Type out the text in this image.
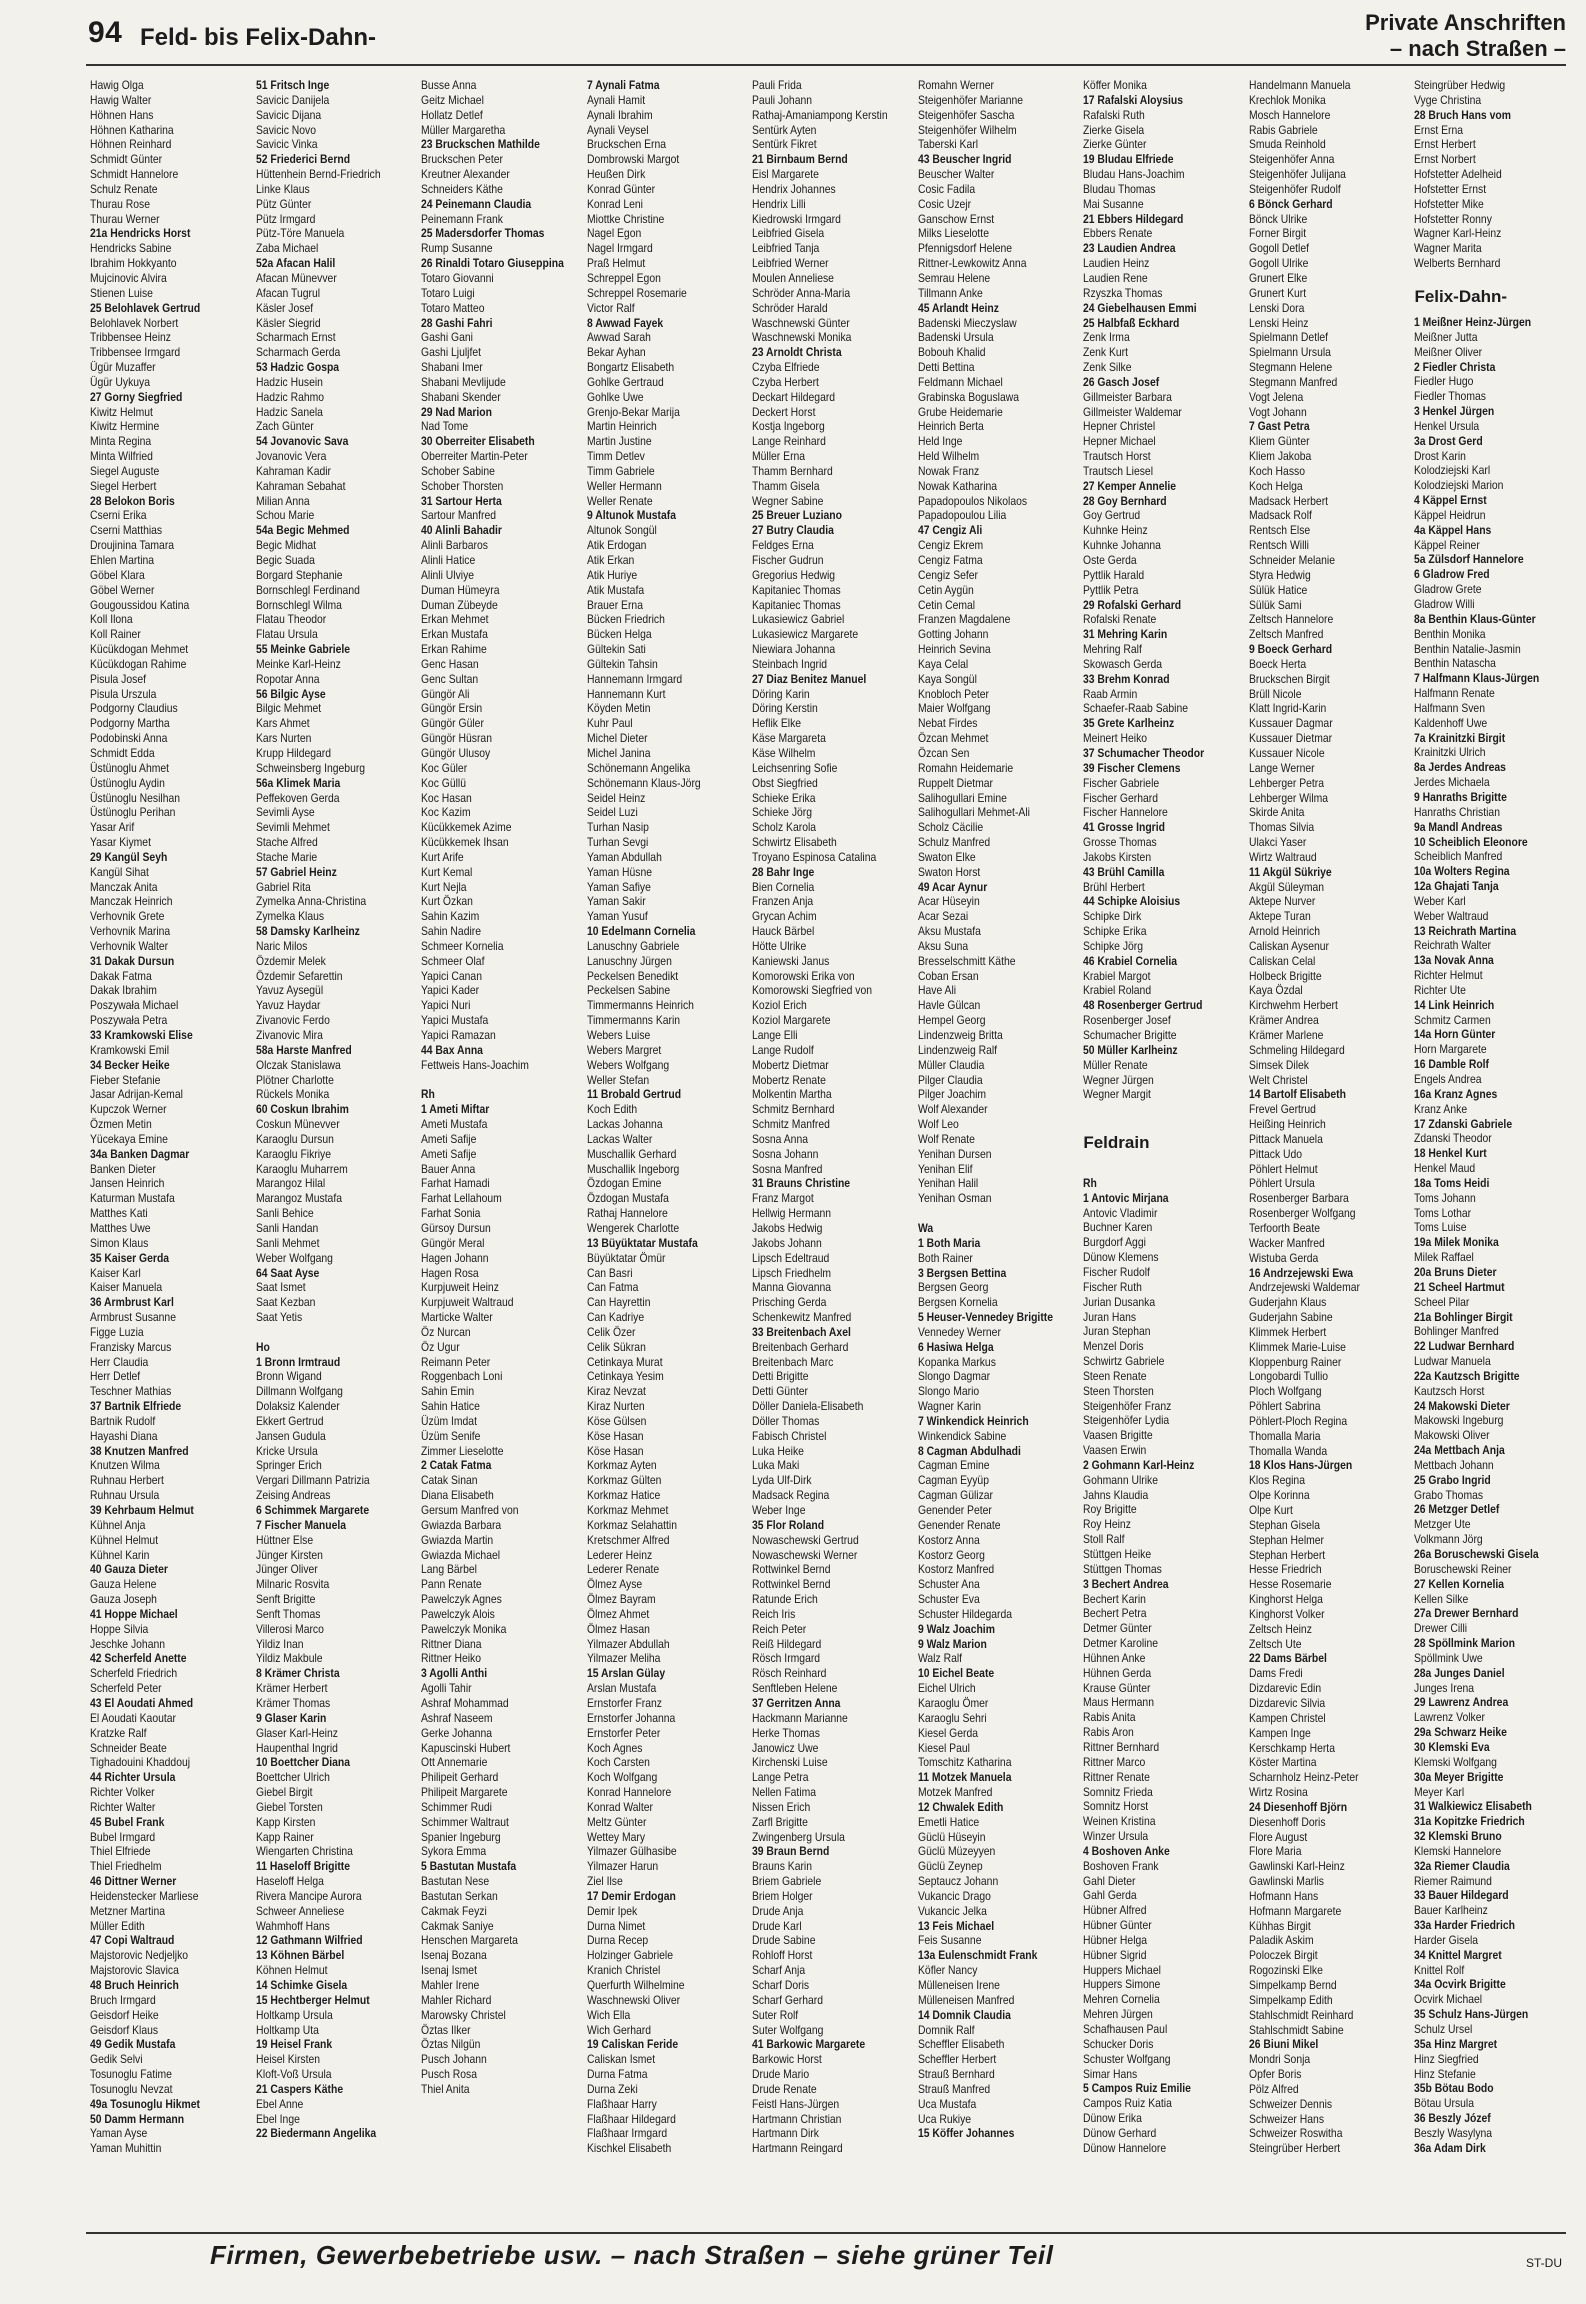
94 Feld- bis Felix-Dahn-
Private Anschriften
– nach Straßen –
Hawig Olga
Hawig Walter
Höhnen Hans
Höhnen Katharina
Höhnen Reinhard
Schmidt Günter
Schmidt Hannelore
Schulz Renate
Thurau Rose
Thurau Werner
21a Hendricks Horst
Hendricks Sabine
Ibrahim Hokkyanto
Mujcinovic Alvira
Stienen Luise
25 Belohlavek Gertrud
Belohlavek Norbert
Tribbensee Heinz
Tribbensee Irmgard
Ügür Muzaffer
Ügür Uykuya
27 Gorny Siegfried
Kiwitz Helmut
Kiwitz Hermine
Minta Regina
Minta Wilfried
Siegel Auguste
Siegel Herbert
28 Belokon Boris
Cserni Erika
Cserni Matthias
Droujinina Tamara
Ehlen Martina
Göbel Klara
Göbel Werner
Gougoussidou Katina
Koll Ilona
Koll Rainer
Kücükdogan Mehmet
Kücükdogan Rahime
Pisula Josef
Pisula Urszula
Podgorny Claudius
Podgorny Martha
Podobinski Anna
Schmidt Edda
Üstünoglu Ahmet
Üstünoglu Aydin
Üstünoglu Nesilhan
Üstünoglu Perihan
Yasar Arif
Yasar Kiymet
29 Kangül Seyh
Kangül Sihat
Manczak Anita
Manczak Heinrich
Verhovnik Grete
Verhovnik Marina
Verhovnik Walter
31 Dakak Dursun
Dakak Fatma
Dakak Ibrahim
Poszywała Michael
Poszywała Petra
33 Kramkowski Elise
Kramkowski Emil
34 Becker Heike
Fieber Stefanie
Jasar Adrijan-Kemal
Kupczok Werner
Özmen Metin
Yücekaya Emine
34a Banken Dagmar
Banken Dieter
Jansen Heinrich
Katurman Mustafa
Matthes Kati
Matthes Uwe
Simon Klaus
35 Kaiser Gerda
Kaiser Karl
Kaiser Manuela
36 Armbrust Karl
Armbrust Susanne
Figge Luzia
Franzisky Marcus
Herr Claudia
Herr Detlef
Teschner Mathias
37 Bartnik Elfriede
Bartnik Rudolf
Hayashi Diana
38 Knutzen Manfred
Knutzen Wilma
Ruhnau Herbert
Ruhnau Ursula
39 Kehrbaum Helmut
Kühnel Anja
Kühnel Helmut
Kühnel Karin
40 Gauza Dieter
Gauza Helene
Gauza Joseph
41 Hoppe Michael
Hoppe Silvia
Jeschke Johann
42 Scherfeld Anette
Scherfeld Friedrich
Scherfeld Peter
43 El Aoudati Ahmed
El Aoudati Kaoutar
Kratzke Ralf
Schneider Beate
Tighadouini Khaddouj
44 Richter Ursula
Richter Volker
Richter Walter
45 Bubel Frank
Bubel Irmgard
Thiel Elfriede
Thiel Friedhelm
46 Dittner Werner
Heidenstecker Marliese
Metzner Martina
Müller Edith
47 Copi Waltraud
Majstorovic Nedjeljko
Majstorovic Slavica
48 Bruch Heinrich
Bruch Irmgard
Geisdorf Heike
Geisdorf Klaus
49 Gedik Mustafa
Gedik Selvi
Tosunoglu Fatime
Tosunoglu Nevzat
49a Tosunoglu Hikmet
50 Damm Hermann
Yaman Ayse
Yaman Muhittin
51 Fritsch Inge
Savicic Danijela
Savicic Dijana
Savicic Novo
Savicic Vinka
52 Friederici Bernd
Hüttenhein Bernd-Friedrich
Linke Klaus
Pütz Günter
Pütz Irmgard
Pütz-Töre Manuela
Zaba Michael
52a Afacan Halil
Afacan Münevver
Afacan Tugrul
Käsler Josef
Käsler Siegrid
Scharmach Ernst
Scharmach Gerda
53 Hadzic Gospa
Hadzic Husein
Hadzic Rahmo
Hadzic Sanela
Zach Günter
54 Jovanovic Sava
Jovanovic Vera
Kahraman Kadir
Kahraman Sebahat
Milian Anna
Schou Marie
54a Begic Mehmed
Begic Midhat
Begic Suada
Borgard Stephanie
Bornschlegl Ferdinand
Bornschlegl Wilma
Flatau Theodor
Flatau Ursula
55 Meinke Gabriele
Meinke Karl-Heinz
Ropotar Anna
56 Bilgic Ayse
Bilgic Mehmet
Kars Ahmet
Kars Nurten
Krupp Hildegard
Schweinsberg Ingeburg
56a Klimek Maria
Peffekoven Gerda
Sevimli Ayse
Sevimli Mehmet
Stache Alfred
Stache Marie
57 Gabriel Heinz
Gabriel Rita
Zymelka Anna-Christina
Zymelka Klaus
58 Damsky Karlheinz
Naric Milos
Özdemir Melek
Özdemir Sefarettin
Yavuz Aysegül
Yavuz Haydar
Zivanovic Ferdo
Zivanovic Mira
58a Harste Manfred
Olczak Stanislawa
Plötner Charlotte
Rückels Monika
60 Coskun Ibrahim
Coskun Münevver
Karaoglu Dursun
Karaoglu Fikriye
Karaoglu Muharrem
Marangoz Hilal
Marangoz Mustafa
Sanli Behice
Sanli Handan
Sanli Mehmet
Weber Wolfgang
64 Saat Ayse
Saat Ismet
Saat Kezban
Saat Yetis

Ho
1 Bronn Irmtraud
Bronn Wigand
Dillmann Wolfgang
Dolaksiz Kalender
Ekkert Gertrud
Jansen Gudula
Kricke Ursula
Springer Erich
Vergari Dillmann Patrizia
Zeising Andreas
6 Schimmek Margarete
7 Fischer Manuela
Hüttner Else
Jünger Kirsten
Jünger Oliver
Milnaric Rosvita
Senft Brigitte
Senft Thomas
Villerosi Marco
Yildiz Inan
Yildiz Makbule
8 Krämer Christa
Krämer Herbert
Krämer Thomas
9 Glaser Karin
Glaser Karl-Heinz
Haupenthal Ingrid
10 Boettcher Diana
Boettcher Ulrich
Giebel Birgit
Giebel Torsten
Kapp Kirsten
Kapp Rainer
Wiengarten Christina
11 Haseloff Brigitte
Haseloff Helga
Rivera Mancipe Aurora
Schweer Anneliese
Wahmhoff Hans
12 Gathmann Wilfried
13 Köhnen Bärbel
Köhnen Helmut
14 Schimke Gisela
15 Hechtberger Helmut
Holtkamp Ursula
Holtkamp Uta
19 Heisel Frank
Heisel Kirsten
Kloft-Voß Ursula
21 Caspers Käthe
Ebel Anne
Ebel Inge
22 Biedermann Angelika
Busse Anna
Geitz Michael
Hollatz Detlef
Müller Margaretha
23 Bruckschen Mathilde
Bruckschen Peter
Kreutner Alexander
Schneiders Käthe
24 Peinemann Claudia
Peinemann Frank
25 Madersdorfer Thomas
Rump Susanne
26 Rinaldi Totaro Giuseppina
Totaro Giovanni
Totaro Luigi
Totaro Matteo
28 Gashi Fahri
Gashi Gani
Gashi Ljuljfet
Shabani Imer
Shabani Mevlijude
Shabani Skender
29 Nad Marion
Nad Tome
30 Oberreiter Elisabeth
Oberreiter Martin-Peter
Schober Sabine
Schober Thorsten
31 Sartour Herta
Sartour Manfred
40 Alinli Bahadir
Alinli Barbaros
Alinli Hatice
Alinli Ulviye
Duman Hümeyra
Duman Zübeyde
Erkan Mehmet
Erkan Mustafa
Erkan Rahime
Genc Hasan
Genc Sultan
Güngör Ali
Güngör Ersin
Güngör Güler
Güngör Hüsran
Güngör Ulusoy
Koc Güler
Koc Güllü
Koc Hasan
Koc Kazim
Kücükkemek Azime
Kücükkemek Ihsan
Kurt Arife
Kurt Kemal
Kurt Nejla
Kurt Özkan
Sahin Kazim
Sahin Nadire
Schmeer Kornelia
Schmeer Olaf
Yapici Canan
Yapici Kader
Yapici Nuri
Yapici Mustafa
Yapici Ramazan
44 Bax Anna
Fettweis Hans-Joachim

Rh
1 Ameti Miftar
Ameti Mustafa
Ameti Safije
Ameti Safije
Bauer Anna
Farhat Hamadi
Farhat Lellahoum
Farhat Sonia
Gürsoy Dursun
Güngör Meral
Hagen Johann
Hagen Rosa
Kurpjuweit Heinz
Kurpjuweit Waltraud
Marticke Walter
Öz Nurcan
Öz Ugur
Reimann Peter
Roggenbach Loni
Sahin Emin
Sahin Hatice
Üzüm Imdat
Üzüm Senife
Zimmer Lieselotte
2 Catak Fatma
Catak Sinan
Diana Elisabeth
Gersum Manfred von
Gwiazda Barbara
Gwiazda Martin
Gwiazda Michael
Lang Bärbel
Pann Renate
Pawelczyk Agnes
Pawelczyk Alois
Pawelczyk Monika
Rittner Diana
Rittner Heiko
3 Agolli Anthi
Agolli Tahir
Ashraf Mohammad
Ashraf Naseem
Gerke Johanna
Kapuscinski Hubert
Ott Annemarie
Philipeit Gerhard
Philipeit Margarete
Schimmer Rudi
Schimmer Waltraut
Spanier Ingeburg
Sykora Emma
5 Bastutan Mustafa
Bastutan Nese
Bastutan Serkan
Cakmak Feyzi
Cakmak Saniye
Henschen Margareta
Isenaj Bozana
Isenaj Ismet
Mahler Irene
Mahler Richard
Marowsky Christel
Öztas Ilker
Öztas Nilgün
Pusch Johann
Pusch Rosa
Thiel Anita
7 Aynali Fatma
Aynali Hamit
Aynali Ibrahim
Aynali Veysel
Bruckschen Erna
Dombrowski Margot
Heußen Dirk
Konrad Günter
Konrad Leni
Miottke Christine
Nagel Egon
Nagel Irmgard
Praß Helmut
Schreppel Egon
Schreppel Rosemarie
Victor Ralf
8 Awwad Fayek
Awwad Sarah
Bekar Ayhan
Bongartz Elisabeth
Gohlke Gertraud
Gohlke Uwe
Grenjo-Bekar Marija
Martin Heinrich
Martin Justine
Timm Detlev
Timm Gabriele
Weller Hermann
Weller Renate
9 Altunok Mustafa
Altunok Songül
Atik Erdogan
Atik Erkan
Atik Huriye
Atik Mustafa
Brauer Erna
Bücken Friedrich
Bücken Helga
Gültekin Sati
Gültekin Tahsin
Hannemann Irmgard
Hannemann Kurt
Köyden Metin
Kuhr Paul
Michel Dieter
Michel Janina
Schönemann Angelika
Schönemann Klaus-Jörg
Seidel Heinz
Seidel Luzi
Turhan Nasip
Turhan Sevgi
Yaman Abdullah
Yaman Hüsne
Yaman Safiye
Yaman Sakir
Yaman Yusuf
10 Edelmann Cornelia
Lanuschny Gabriele
Lanuschny Jürgen
Peckelsen Benedikt
Peckelsen Sabine
Timmermanns Heinrich
Timmermanns Karin
Webers Luise
Webers Margret
Webers Wolfgang
Weller Stefan
11 Brobald Gertrud
Koch Edith
Lackas Johanna
Lackas Walter
Muschallik Gerhard
Muschallik Ingeborg
Özdogan Emine
Özdogan Mustafa
Rathaj Hannelore
Wengerek Charlotte
13 Büyüktatar Mustafa
Büyüktatar Ömür
Can Basri
Can Fatma
Can Hayrettin
Can Kadriye
Celik Özer
Celik Sükran
Cetinkaya Murat
Cetinkaya Yesim
Kiraz Nevzat
Kiraz Nurten
Köse Gülsen
Köse Hasan
Köse Hasan
Korkmaz Ayten
Korkmaz Gülten
Korkmaz Hatice
Korkmaz Mehmet
Korkmaz Selahattin
Kretschmer Alfred
Lederer Heinz
Lederer Renate
Ölmez Ayse
Ölmez Bayram
Ölmez Ahmet
Ölmez Hasan
Yilmazer Abdullah
Yilmazer Meliha
15 Arslan Gülay
Arslan Mustafa
Ernstorfer Franz
Ernstorfer Johanna
Ernstorfer Peter
Koch Agnes
Koch Carsten
Koch Wolfgang
Konrad Hannelore
Konrad Walter
Meltz Günter
Wettey Mary
Yilmazer Gülhasibe
Yilmazer Harun
Ziel Ilse
17 Demir Erdogan
Demir Ipek
Durna Nimet
Durna Recep
Holzinger Gabriele
Kranich Christel
Querfurth Wilhelmine
Waschnewski Oliver
Wich Ella
Wich Gerhard
19 Caliskan Feride
Caliskan Ismet
Durna Fatma
Durna Zeki
Flaßhaar Harry
Flaßhaar Hildegard
Flaßhaar Irmgard
Kischkel Elisabeth
Pauli Frida
Pauli Johann
Rathaj-Amaniampong Kerstin
Sentürk Ayten
Sentürk Fikret
21 Birnbaum Bernd
Eisl Margarete
Hendrix Johannes
Hendrix Lilli
Kiedrowski Irmgard
Leibfried Gisela
Leibfried Tanja
Leibfried Werner
Moulen Anneliese
Schröder Anna-Maria
Schröder Harald
Waschnewski Günter
Waschnewski Monika
23 Arnoldt Christa
Czyba Elfriede
Czyba Herbert
Deckart Hildegard
Deckert Horst
Kostja Ingeborg
Lange Reinhard
Müller Erna
Thamm Bernhard
Thamm Gisela
Wegner Sabine
25 Breuer Luziano
27 Butry Claudia
Feldges Erna
Fischer Gudrun
Gregorius Hedwig
Kapitaniec Thomas
Kapitaniec Thomas
Lukasiewicz Gabriel
Lukasiewicz Margarete
Niewiara Johanna
Steinbach Ingrid
27 Diaz Benitez Manuel
Döring Karin
Döring Kerstin
Heflik Elke
Käse Margareta
Käse Wilhelm
Leichsenring Sofie
Obst Siegfried
Schieke Erika
Schieke Jörg
Scholz Karola
Schwirtz Elisabeth
Troyano Espinosa Catalina
28 Bahr Inge
Bien Cornelia
Franzen Anja
Grycan Achim
Hauck Bärbel
Hötte Ulrike
Kaniewski Janus
Komorowski Erika von
Komorowski Siegfried von
Koziol Erich
Koziol Margarete
Lange Elli
Lange Rudolf
Mobertz Dietmar
Mobertz Renate
Molkentin Martha
Schmitz Bernhard
Schmitz Manfred
Sosna Anna
Sosna Johann
Sosna Manfred
31 Brauns Christine
Franz Margot
Hellwig Hermann
Jakobs Hedwig
Jakobs Johann
Lipsch Edeltraud
Lipsch Friedhelm
Manna Giovanna
Prisching Gerda
Schenkewitz Manfred
33 Breitenbach Axel
Breitenbach Gerhard
Breitenbach Marc
Detti Brigitte
Detti Günter
Döller Daniela-Elisabeth
Döller Thomas
Fabisch Christel
Luka Heike
Luka Maki
Lyda Ulf-Dirk
Madsack Regina
Weber Inge
35 Flor Roland
Nowaschewski Gertrud
Nowaschewski Werner
Rottwinkel Bernd
Rottwinkel Bernd
Ratunde Erich
Reich Iris
Reich Peter
Reiß Hildegard
Rösch Irmgard
Rösch Reinhard
Senftleben Helene
37 Gerritzen Anna
Hackmann Marianne
Herke Thomas
Janowicz Uwe
Kirchenski Luise
Lange Petra
Nellen Fatima
Nissen Erich
Zarfl Brigitte
Zwingenberg Ursula
39 Braun Bernd
Brauns Karin
Briem Gabriele
Briem Holger
Drude Anja
Drude Karl
Drude Sabine
Rohloff Horst
Scharf Anja
Scharf Doris
Scharf Gerhard
Suter Rolf
Suter Wolfgang
41 Barkowic Margarete
Barkowic Horst
Drude Mario
Drude Renate
Feistl Hans-Jürgen
Hartmann Christian
Hartmann Dirk
Hartmann Reingard
Romahn Werner
Steigenhöfer Marianne
Steigenhöfer Sascha
Steigenhöfer Wilhelm
Taberski Karl
43 Beuscher Ingrid
Beuscher Walter
Cosic Fadila
Cosic Uzejr
Ganschow Ernst
Milks Lieselotte
Pfennigsdorf Helene
Rittner-Lewkowitz Anna
Semrau Helene
Tillmann Anke
45 Arlandt Heinz
Badenski Mieczyslaw
Badenski Ursula
Bobouh Khalid
Detti Bettina
Feldmann Michael
Grabinska Boguslawa
Grube Heidemarie
Heinrich Berta
Held Inge
Held Wilhelm
Nowak Franz
Nowak Katharina
Papadopoulos Nikolaos
Papadopoulou Lilia
47 Cengiz Ali
Cengiz Ekrem
Cengiz Fatma
Cengiz Sefer
Cetin Aygün
Cetin Cemal
Franzen Magdalene
Gotting Johann
Heinrich Sevina
Kaya Celal
Kaya Songül
Knobloch Peter
Maier Wolfgang
Nebat Firdes
Özcan Mehmet
Özcan Sen
Romahn Heidemarie
Ruppelt Dietmar
Salihogullari Emine
Salihogullari Mehmet-Ali
Scholz Cäcilie
Schulz Manfred
Swaton Elke
Swaton Horst
49 Acar Aynur
Acar Hüseyin
Acar Sezai
Aksu Mustafa
Aksu Suna
Bresselschmitt Käthe
Coban Ersan
Have Ali
Havle Gülcan
Hempel Georg
Lindenzweig Britta
Lindenzweig Ralf
Müller Claudia
Pilger Claudia
Pilger Joachim
Wolf Alexander
Wolf Leo
Wolf Renate
Yenihan Dursen
Yenihan Elif
Yenihan Halil
Yenihan Osman

Wa
1 Both Maria
Both Rainer
3 Bergsen Bettina
Bergsen Georg
Bergsen Kornelia
5 Heuser-Vennedey Brigitte
Vennedey Werner
6 Hasiwa Helga
Kopanka Markus
Slongo Dagmar
Slongo Mario
Wagner Karin
7 Winkendick Heinrich
Winkendick Sabine
8 Cagman Abdulhadi
Cagman Emine
Cagman Eyyüp
Cagman Gülizar
Genender Peter
Genender Renate
Kostorz Anna
Kostorz Georg
Kostorz Manfred
Schuster Ana
Schuster Eva
Schuster Hildegarda
9 Walz Joachim
9 Walz Marion
Walz Ralf
10 Eichel Beate
Eichel Ulrich
Karaoglu Ömer
Karaoglu Sehri
Kiesel Gerda
Kiesel Paul
Tomschitz Katharina
11 Motzek Manuela
Motzek Manfred
12 Chwalek Edith
Emetli Hatice
Güclü Hüseyin
Güclü Müzeyyen
Güclü Zeynep
Septaucz Johann
Vukancic Drago
Vukancic Jelka
13 Feis Michael
Feis Susanne
13a Eulenschmidt Frank
Köfler Nancy
Mülleneisen Irene
Mülleneisen Manfred
14 Domnik Claudia
Domnik Ralf
Scheffler Elisabeth
Scheffler Herbert
Strauß Bernhard
Strauß Manfred
Uca Mustafa
Uca Rukiye
15 Köffer Johannes
Köffer Monika
17 Rafalski Aloysius
Rafalski Ruth
Zierke Gisela
Zierke Günter
19 Bludau Elfriede
Bludau Hans-Joachim
Bludau Thomas
Mai Susanne
21 Ebbers Hildegard
Ebbers Renate
23 Laudien Andrea
Laudien Heinz
Laudien Rene
Rzyszka Thomas
24 Giebelhausen Emmi
25 Halbfaß Eckhard
Zenk Irma
Zenk Kurt
Zenk Silke
26 Gasch Josef
Gillmeister Barbara
Gillmeister Waldemar
Hepner Christel
Hepner Michael
Trautsch Horst
Trautsch Liesel
27 Kemper Annelie
28 Goy Bernhard
Goy Gertrud
Kuhnke Heinz
Kuhnke Johanna
Oste Gerda
Pyttlik Harald
Pyttlik Petra
29 Rofalski Gerhard
Rofalski Renate
31 Mehring Karin
Mehring Ralf
Skowasch Gerda
33 Brehm Konrad
Raab Armin
Schaefer-Raab Sabine
35 Grete Karlheinz
Meinert Heiko
37 Schumacher Theodor
39 Fischer Clemens
Fischer Gabriele
Fischer Gerhard
Fischer Hannelore
41 Grosse Ingrid
Grosse Thomas
Jakobs Kirsten
43 Brühl Camilla
Brühl Herbert
44 Schipke Aloisius
Schipke Dirk
Schipke Erika
Schipke Jörg
46 Krabiel Cornelia
Krabiel Margot
Krabiel Roland
48 Rosenberger Gertrud
Rosenberger Josef
Schumacher Brigitte
50 Müller Karlheinz
Müller Renate
Wegner Jürgen
Wegner Margit

Feldrain

Rh
1 Antovic Mirjana
Antovic Vladimir
Buchner Karen
Burgdorf Aggi
Dünow Klemens
Fischer Rudolf
Fischer Ruth
Jurian Dusanka
Juran Hans
Juran Stephan
Menzel Doris
Schwirtz Gabriele
Steen Renate
Steen Thorsten
Steigenhöfer Franz
Steigenhöfer Lydia
Vaasen Brigitte
Vaasen Erwin
2 Gohmann Karl-Heinz
Gohmann Ulrike
Jahns Klaudia
Roy Brigitte
Roy Heinz
Stoll Ralf
Stüttgen Heike
Stüttgen Thomas
3 Bechert Andrea
Bechert Karin
Bechert Petra
Detmer Günter
Detmer Karoline
Hühnen Anke
Hühnen Gerda
Krause Günter
Maus Hermann
Rabis Anita
Rabis Aron
Rittner Bernhard
Rittner Marco
Rittner Renate
Somnitz Frieda
Somnitz Horst
Weinen Kristina
Winzer Ursula
4 Boshoven Anke
Boshoven Frank
Gahl Dieter
Gahl Gerda
Hübner Alfred
Hübner Günter
Hübner Helga
Hübner Sigrid
Huppers Michael
Huppers Simone
Mehren Cornelia
Mehren Jürgen
Schafhausen Paul
Schucker Doris
Schuster Wolfgang
Simar Hans
5 Campos Ruiz Emilie
Campos Ruiz Katia
Dünow Erika
Dünow Gerhard
Dünow Hannelore
Handelmann Manuela
Krechlok Monika
Mosch Hannelore
Rabis Gabriele
Smuda Reinhold
Steigenhöfer Anna
Steigenhöfer Julijana
Steigenhöfer Rudolf
6 Bönck Gerhard
Bönck Ulrike
Forner Birgit
Gogoll Detlef
Gogoll Ulrike
Grunert Elke
Grunert Kurt
Lenski Dora
Lenski Heinz
Spielmann Detlef
Spielmann Ursula
Stegmann Helene
Stegmann Manfred
Vogt Jelena
Vogt Johann
7 Gast Petra
Kliem Günter
Kliem Jakoba
Koch Hasso
Koch Helga
Madsack Herbert
Madsack Rolf
Rentsch Else
Rentsch Willi
Schneider Melanie
Styra Hedwig
Sülük Hatice
Sülük Sami
Zeltsch Hannelore
Zeltsch Manfred
9 Boeck Gerhard
Boeck Herta
Bruckschen Birgit
Brüll Nicole
Klatt Ingrid-Karin
Kussauer Dagmar
Kussauer Dietmar
Kussauer Nicole
Lange Werner
Lehberger Petra
Lehberger Wilma
Skirde Anita
Thomas Silvia
Ulakci Yaser
Wirtz Waltraud
11 Akgül Sükriye
Akgül Süleyman
Aktepe Nurver
Aktepe Turan
Arnold Heinrich
Caliskan Aysenur
Caliskan Celal
Holbeck Brigitte
Kaya Özdal
Kirchwehm Herbert
Krämer Andrea
Krämer Marlene
Schmeling Hildegard
Simsek Dilek
Welt Christel
14 Bartolf Elisabeth
Frevel Gertrud
Heißing Heinrich
Pittack Manuela
Pittack Udo
Pöhlert Helmut
Pöhlert Ursula
Rosenberger Barbara
Rosenberger Wolfgang
Terfoorth Beate
Wacker Manfred
Wistuba Gerda
16 Andrzejewski Ewa
Andrzejewski Waldemar
Guderjahn Klaus
Guderjahn Sabine
Klimmek Herbert
Klimmek Marie-Luise
Kloppenburg Rainer
Longobardi Tullio
Ploch Wolfgang
Pöhlert Sabrina
Pöhlert-Ploch Regina
Thomalla Maria
Thomalla Wanda
18 Klos Hans-Jürgen
Klos Regina
Olpe Korinna
Olpe Kurt
Stephan Gisela
Stephan Helmer
Stephan Herbert
Hesse Friedrich
Hesse Rosemarie
Kinghorst Helga
Kinghorst Volker
Zeltsch Heinz
Zeltsch Ute
22 Dams Bärbel
Dams Fredi
Dizdarevic Edin
Dizdarevic Silvia
Kampen Christel
Kampen Inge
Kerschkamp Herta
Köster Martina
Scharnholz Heinz-Peter
Wirtz Rosina
24 Diesenhoff Björn
Diesenhoff Doris
Flore August
Flore Maria
Gawlinski Karl-Heinz
Gawlinski Marlis
Hofmann Hans
Hofmann Margarete
Kühhas Birgit
Paladik Askim
Poloczek Birgit
Rogozinski Elke
Simpelkamp Bernd
Simpelkamp Edith
Stahlschmidt Reinhard
Stahlschmidt Sabine
26 Biuni Mikel
Mondri Sonja
Opfer Boris
Pölz Alfred
Schweizer Dennis
Schweizer Hans
Schweizer Roswitha
Steingrüber Herbert
Steingrüber Hedwig
Vyge Christina
28 Bruch Hans vom
Ernst Erna
Ernst Herbert
Ernst Norbert
Hofstetter Adelheid
Hofstetter Ernst
Hofstetter Mike
Hofstetter Ronny
Wagner Karl-Heinz
Wagner Marita
Welberts Bernhard
Felix-Dahn-
1 Meißner Heinz-Jürgen
Meißner Jutta
Meißner Oliver
2 Fiedler Christa
Fiedler Hugo
Fiedler Thomas
3 Henkel Jürgen
Henkel Ursula
3a Drost Gerd
Drost Karin
Kolodziejski Karl
Kolodziejski Marion
4 Käppel Ernst
Käppel Heidrun
4a Käppel Hans
Käppel Reiner
5a Zülsdorf Hannelore
6 Gladrow Fred
Gladrow Grete
Gladrow Willi
8a Benthin Klaus-Günter
Benthin Monika
Benthin Natalie-Jasmin
Benthin Natascha
7 Halfmann Klaus-Jürgen
Halfmann Renate
Halfmann Sven
Kaldenhoff Uwe
7a Krainitzki Birgit
Krainitzki Ulrich
8a Jerdes Andreas
Jerdes Michaela
9 Hanraths Brigitte
Hanraths Christian
9a Mandl Andreas
10 Scheiblich Eleonore
Scheiblich Manfred
10a Wolters Regina
12a Ghajati Tanja
Weber Karl
Weber Waltraud
13 Reichrath Martina
Reichrath Walter
13a Novak Anna
Richter Helmut
Richter Ute
14 Link Heinrich
Schmitz Carmen
14a Horn Günter
Horn Margarete
16 Damble Rolf
Engels Andrea
16a Kranz Agnes
Kranz Anke
17 Zdanski Gabriele
Zdanski Theodor
18 Henkel Kurt
Henkel Maud
18a Toms Heidi
Toms Johann
Toms Lothar
Toms Luise
19a Milek Monika
Milek Raffael
20a Bruns Dieter
21 Scheel Hartmut
Scheel Pilar
21a Bohlinger Birgit
Bohlinger Manfred
22 Ludwar Bernhard
Ludwar Manuela
22a Kautzsch Brigitte
Kautzsch Horst
24 Makowski Dieter
Makowski Ingeburg
Makowski Oliver
24a Mettbach Anja
Mettbach Johann
25 Grabo Ingrid
Grabo Thomas
26 Metzger Detlef
Metzger Ute
Volkmann Jörg
26a Boruschewski Gisela
Boruschewski Reiner
27 Kellen Kornelia
Kellen Silke
27a Drewer Bernhard
Drewer Cilli
28 Spöllmink Marion
Spöllmink Uwe
28a Junges Daniel
Junges Irena
29 Lawrenz Andrea
Lawrenz Volker
29a Schwarz Heike
30 Klemski Eva
Klemski Wolfgang
30a Meyer Brigitte
Meyer Karl
31 Walkiewicz Elisabeth
31a Kopitzke Friedrich
32 Klemski Bruno
Klemski Hannelore
32a Riemer Claudia
Riemer Raimund
33 Bauer Hildegard
Bauer Karlheinz
33a Harder Friedrich
Harder Gisela
34 Knittel Margret
Knittel Rolf
34a Ocvirk Brigitte
Ocvirk Michael
35 Schulz Hans-Jürgen
Schulz Ursel
35a Hinz Margret
Hinz Siegfried
Hinz Stefanie
35b Bötau Bodo
Bötau Ursula
36 Beszly Józef
Beszly Wasylyna
36a Adam Dirk
Firmen, Gewerbebetriebe usw. – nach Straßen – siehe grüner Teil	ST-DU
